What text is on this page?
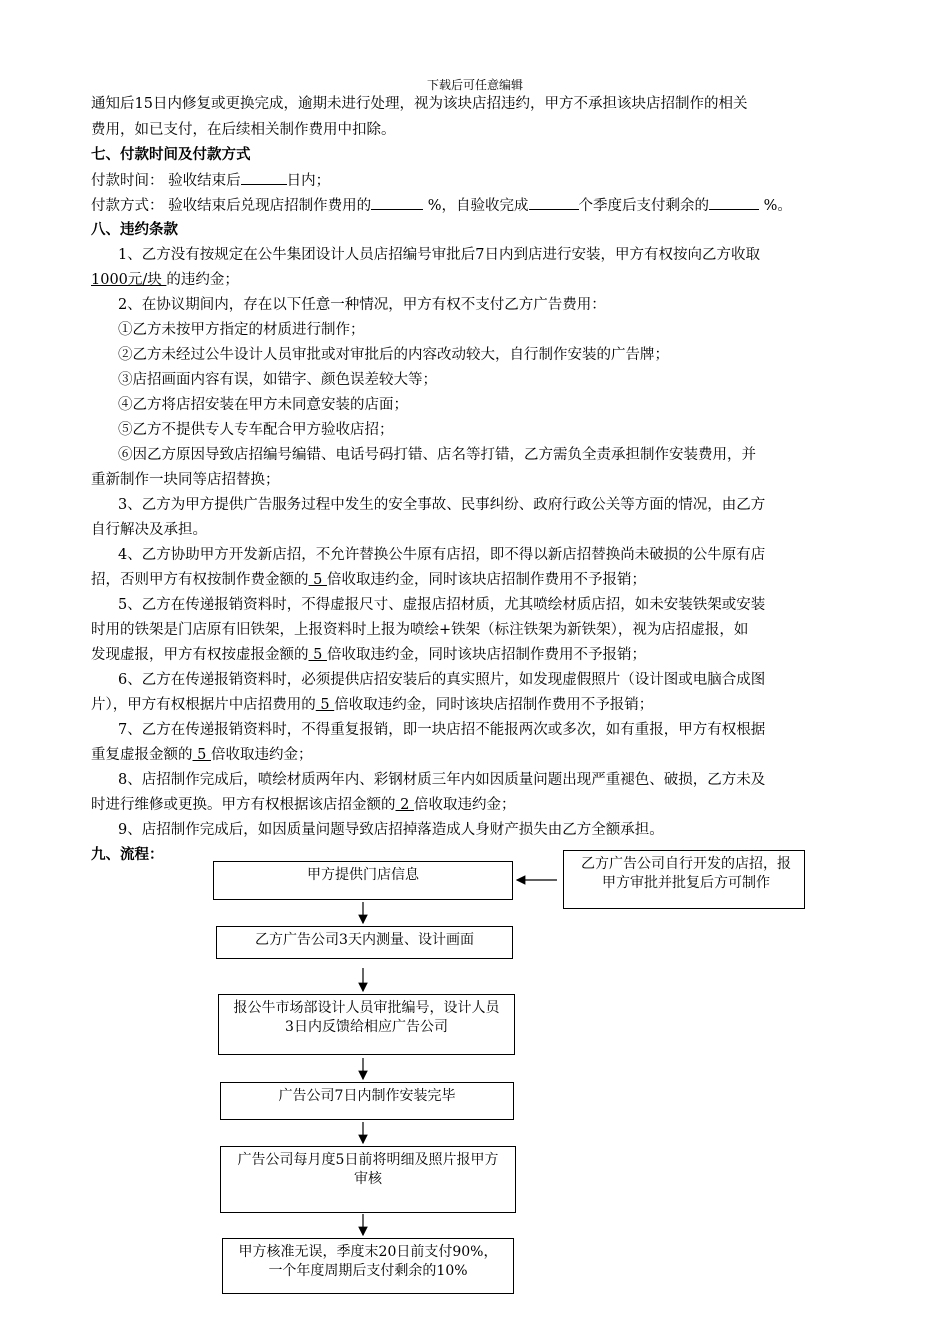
下载后可任意编辑
通知后15日内修复或更换完成，逾期未进行处理，视为该块店招违约，甲方不承担该块店招制作的相关
费用，如已支付，在后续相关制作费用中扣除。
七、付款时间及付款方式
付款时间： 验收结束后	日内；
付款方式： 验收结束后兑现店招制作费用的	%，自验收完成	个季度后支付剩余的	%。
八、违约条款
1、乙方没有按规定在公牛集团设计人员店招编号审批后7日内到店进行安装，甲方有权按向乙方收取
1000元/块 的违约金；
2、在协议期间内，存在以下任意一种情况，甲方有权不支付乙方广告费用：
①乙方未按甲方指定的材质进行制作；
②乙方未经过公牛设计人员审批或对审批后的内容改动较大，自行制作安装的广告牌；
③店招画面内容有误，如错字、颜色误差较大等；
④乙方将店招安装在甲方未同意安装的店面；
⑤乙方不提供专人专车配合甲方验收店招；
⑥因乙方原因导致店招编号编错、电话号码打错、店名等打错，乙方需负全责承担制作安装费用，并
重新制作一块同等店招替换；
3、乙方为甲方提供广告服务过程中发生的安全事故、民事纠纷、政府行政公关等方面的情况，由乙方
自行解决及承担。
4、乙方协助甲方开发新店招，不允许替换公牛原有店招，即不得以新店招替换尚未破损的公牛原有店
招，否则甲方有权按制作费金额的 5 倍收取违约金，同时该块店招制作费用不予报销；
5、乙方在传递报销资料时，不得虚报尺寸、虚报店招材质，尤其喷绘材质店招，如未安装铁架或安装
时用的铁架是门店原有旧铁架，上报资料时上报为喷绘+铁架（标注铁架为新铁架），视为店招虚报，如
发现虚报，甲方有权按虚报金额的 5 倍收取违约金，同时该块店招制作费用不予报销；
6、乙方在传递报销资料时，必须提供店招安装后的真实照片，如发现虚假照片（设计图或电脑合成图
片），甲方有权根据片中店招费用的 5 倍收取违约金，同时该块店招制作费用不予报销；
7、乙方在传递报销资料时，不得重复报销，即一块店招不能报两次或多次，如有重报，甲方有权根据
重复虚报金额的 5 倍收取违约金；
8、店招制作完成后，喷绘材质两年内、彩钢材质三年内如因质量问题出现严重褪色、破损，乙方未及
时进行维修或更换。甲方有权根据该店招金额的 2 倍收取违约金；
9、店招制作完成后，如因质量问题导致店招掉落造成人身财产损失由乙方全额承担。
九、流程：
甲方提供门店信息
乙方广告公司自行开发的店招，报甲方审批并批复后方可制作
乙方广告公司3天内测量、设计画面
报公牛市场部设计人员审批编号，设计人员3日内反馈给相应广告公司
广告公司7日内制作安装完毕
广告公司每月度5日前将明细及照片报甲方审核
甲方核准无误，季度末20日前支付90%，一个年度周期后支付剩余的10%
